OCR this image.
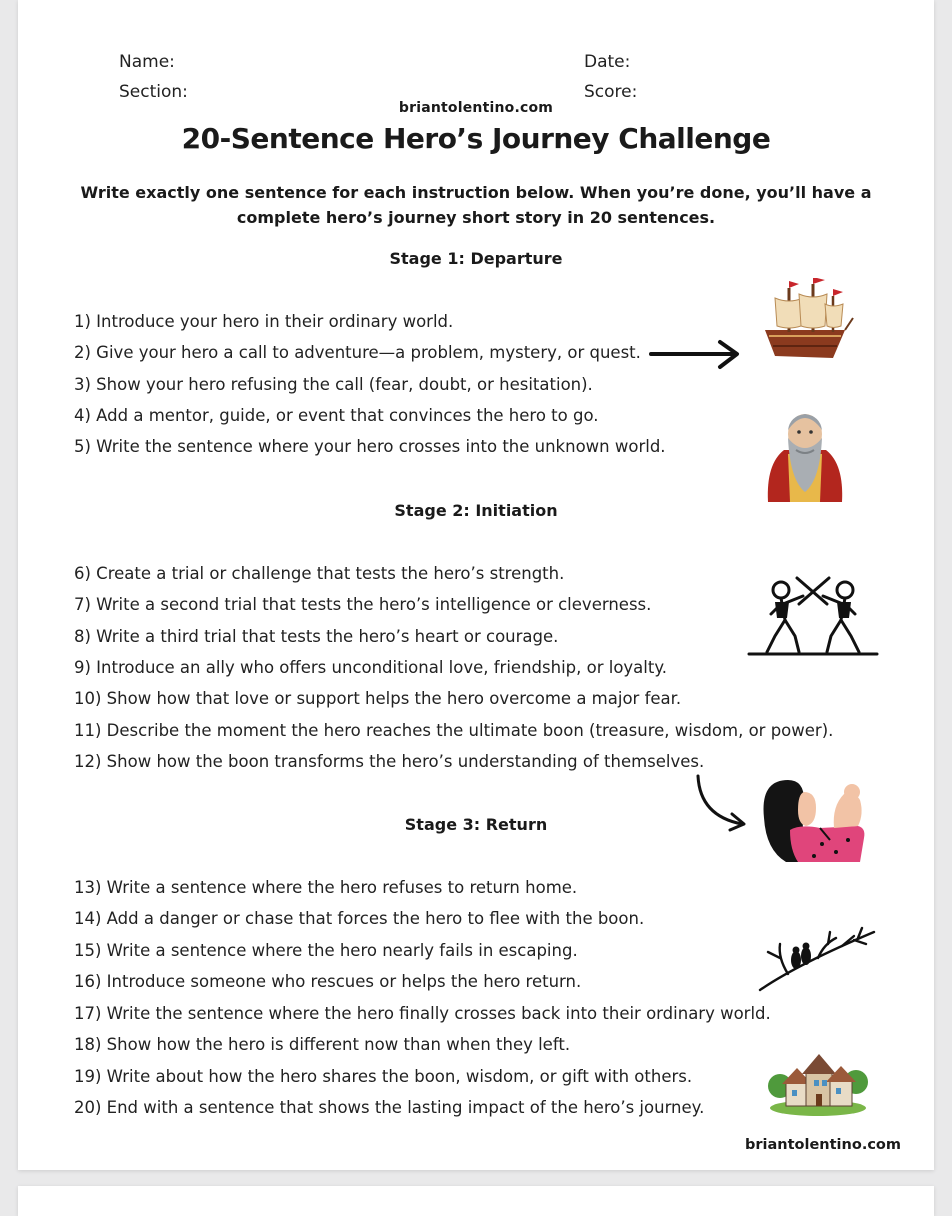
Name:	Date:
Section:	Score:
briantolentino.com
20-Sentence Hero’s Journey Challenge
Write exactly one sentence for each instruction below. When you’re done, you’ll have a complete hero’s journey short story in 20 sentences.
Stage 1: Departure
1) Introduce your hero in their ordinary world.
2) Give your hero a call to adventure—a problem, mystery, or quest.
3) Show your hero refusing the call (fear, doubt, or hesitation).
4) Add a mentor, guide, or event that convinces the hero to go.
5) Write the sentence where your hero crosses into the unknown world.
Stage 2: Initiation
6) Create a trial or challenge that tests the hero’s strength.
7) Write a second trial that tests the hero’s intelligence or cleverness.
8) Write a third trial that tests the hero’s heart or courage.
9) Introduce an ally who offers unconditional love, friendship, or loyalty.
10) Show how that love or support helps the hero overcome a major fear.
11) Describe the moment the hero reaches the ultimate boon (treasure, wisdom, or power).
12) Show how the boon transforms the hero’s understanding of themselves.
Stage 3: Return
13) Write a sentence where the hero refuses to return home.
14) Add a danger or chase that forces the hero to flee with the boon.
15) Write a sentence where the hero nearly fails in escaping.
16) Introduce someone who rescues or helps the hero return.
17) Write the sentence where the hero finally crosses back into their ordinary world.
18) Show how the hero is different now than when they left.
19) Write about how the hero shares the boon, wisdom, or gift with others.
20) End with a sentence that shows the lasting impact of the hero’s journey.
briantolentino.com
